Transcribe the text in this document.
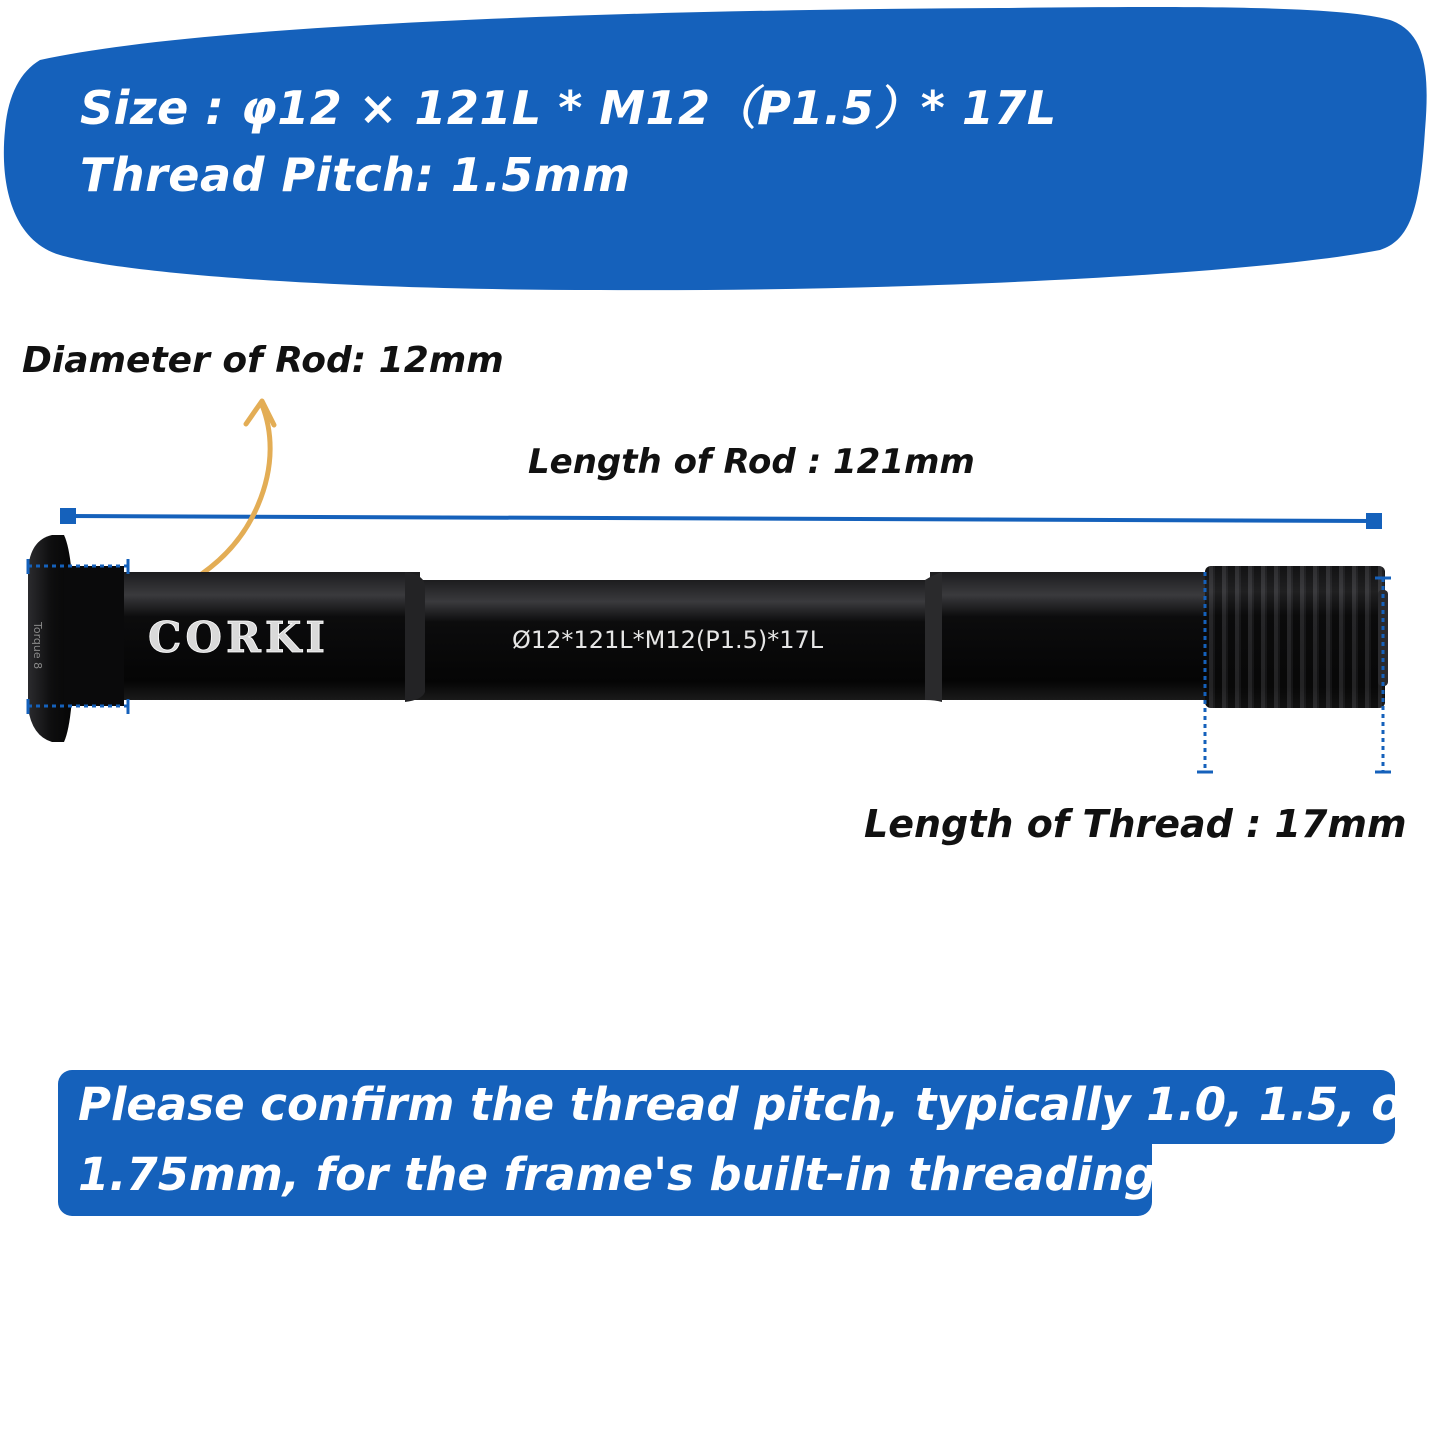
Size : φ12 × 121L * M12（P1.5）* 17L
Thread Pitch: 1.5mm
Diameter of Rod: 12mm
Length of Rod : 121mm
Length of Thread : 17mm
Torque 8 CORKI	Ø12*121L*M12(P1.5)*17L
Please confirm the thread pitch, typically 1.0, 1.5, or
1.75mm, for the frame's built-in threading
